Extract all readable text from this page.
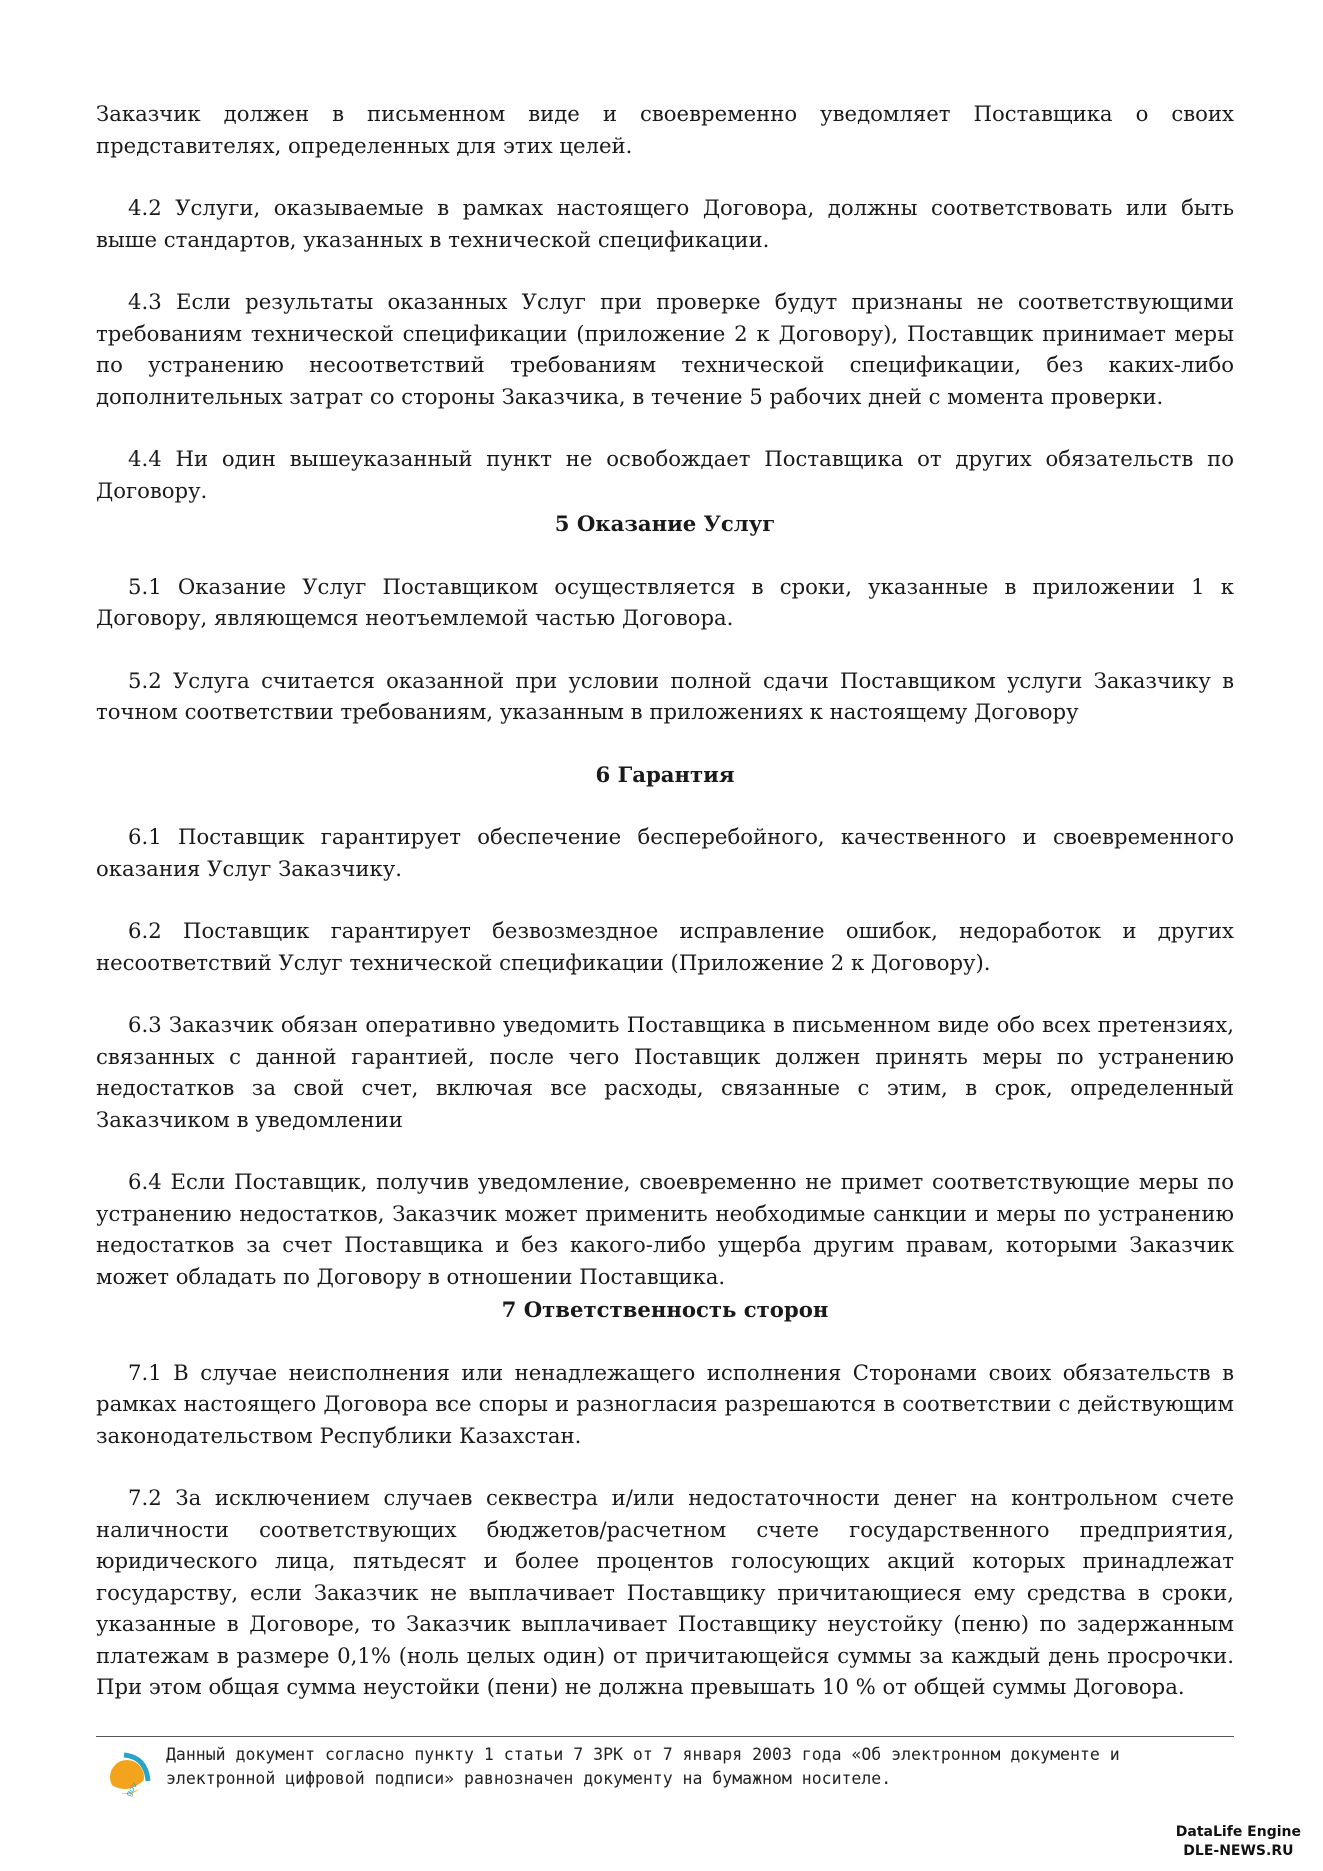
Заказчик должен в письменном виде и своевременно уведомляет Поставщика о своих представителях, определенных для этих целей.

4.2 Услуги, оказываемые в рамках настоящего Договора, должны соответствовать или быть выше стандартов, указанных в технической спецификации.

4.3 Если результаты оказанных Услуг при проверке будут признаны не соответствующими требованиям технической спецификации (приложение 2 к Договору), Поставщик принимает меры по устранению несоответствий требованиям технической спецификации, без каких-либо дополнительных затрат со стороны Заказчика, в течение 5 рабочих дней с момента проверки.

4.4 Ни один вышеуказанный пункт не освобождает Поставщика от других обязательств по Договору.

5 Оказание Услуг

5.1 Оказание Услуг Поставщиком осуществляется в сроки, указанные в приложении 1 к Договору, являющемся неотъемлемой частью Договора.

5.2 Услуга считается оказанной при условии полной сдачи Поставщиком услуги Заказчику в точном соответствии требованиям, указанным в приложениях к настоящему Договору

6 Гарантия

6.1 Поставщик гарантирует обеспечение бесперебойного, качественного и своевременного оказания Услуг Заказчику.

6.2 Поставщик гарантирует безвозмездное исправление ошибок, недоработок и других несоответствий Услуг технической спецификации (Приложение 2 к Договору).

6.3 Заказчик обязан оперативно уведомить Поставщика в письменном виде обо всех претензиях, связанных с данной гарантией, после чего Поставщик должен принять меры по устранению недостатков за свой счет, включая все расходы, связанные с этим, в срок, определенный Заказчиком в уведомлении

6.4 Если Поставщик, получив уведомление, своевременно не примет соответствующие меры по устранению недостатков, Заказчик может применить необходимые санкции и меры по устранению недостатков за счет Поставщика и без какого-либо ущерба другим правам, которыми Заказчик может обладать по Договору в отношении Поставщика.

7 Ответственность сторон

7.1 В случае неисполнения или ненадлежащего исполнения Сторонами своих обязательств в рамках настоящего Договора все споры и разногласия разрешаются в соответствии с действующим законодательством Республики Казахстан.

7.2 За исключением случаев секвестра и/или недостаточности денег на контрольном счете наличности соответствующих бюджетов/расчетном счете государственного предприятия, юридического лица, пятьдесят и более процентов голосующих акций которых принадлежат государству, если Заказчик не выплачивает Поставщику причитающиеся ему средства в сроки, указанные в Договоре, то Заказчик выплачивает Поставщику неустойку (пеню) по задержанным платежам в размере 0,1% (ноль целых один) от причитающейся суммы за каждый день просрочки. При этом общая сумма неустойки (пени) не должна превышать 10 % от общей суммы Договора.

gov
Данный документ согласно пункту 1 статьи 7 ЗРК от 7 января 2003 года «Об электронном документе и
электронной цифровой подписи» равнозначен документу на бумажном носителе.
DataLife Engine
DLE-NEWS.RU
